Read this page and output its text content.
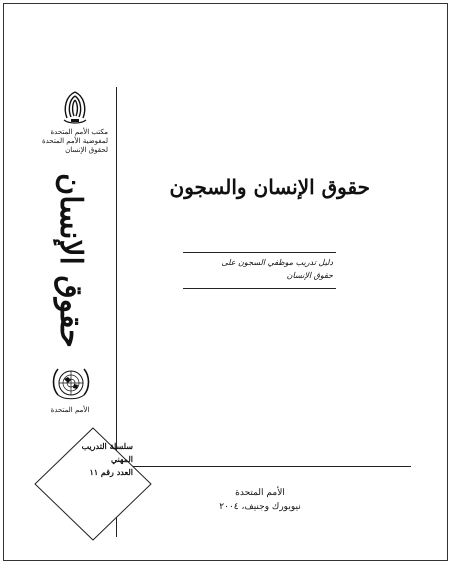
مكتب الأمم المتحدة
لمفوضية الأمم المتحدة
لحقوق الإنسان
حقوق الإنسان
الأمم المتحدة
سلسلة التدريب
المهني
العدد رقم ١١
حقوق الإنسان والسجون
دليل تدريب موظفي السجون على
حقوق الإنسان
الأمم المتحدة
نيويورك وجنيف، ٢٠٠٤
